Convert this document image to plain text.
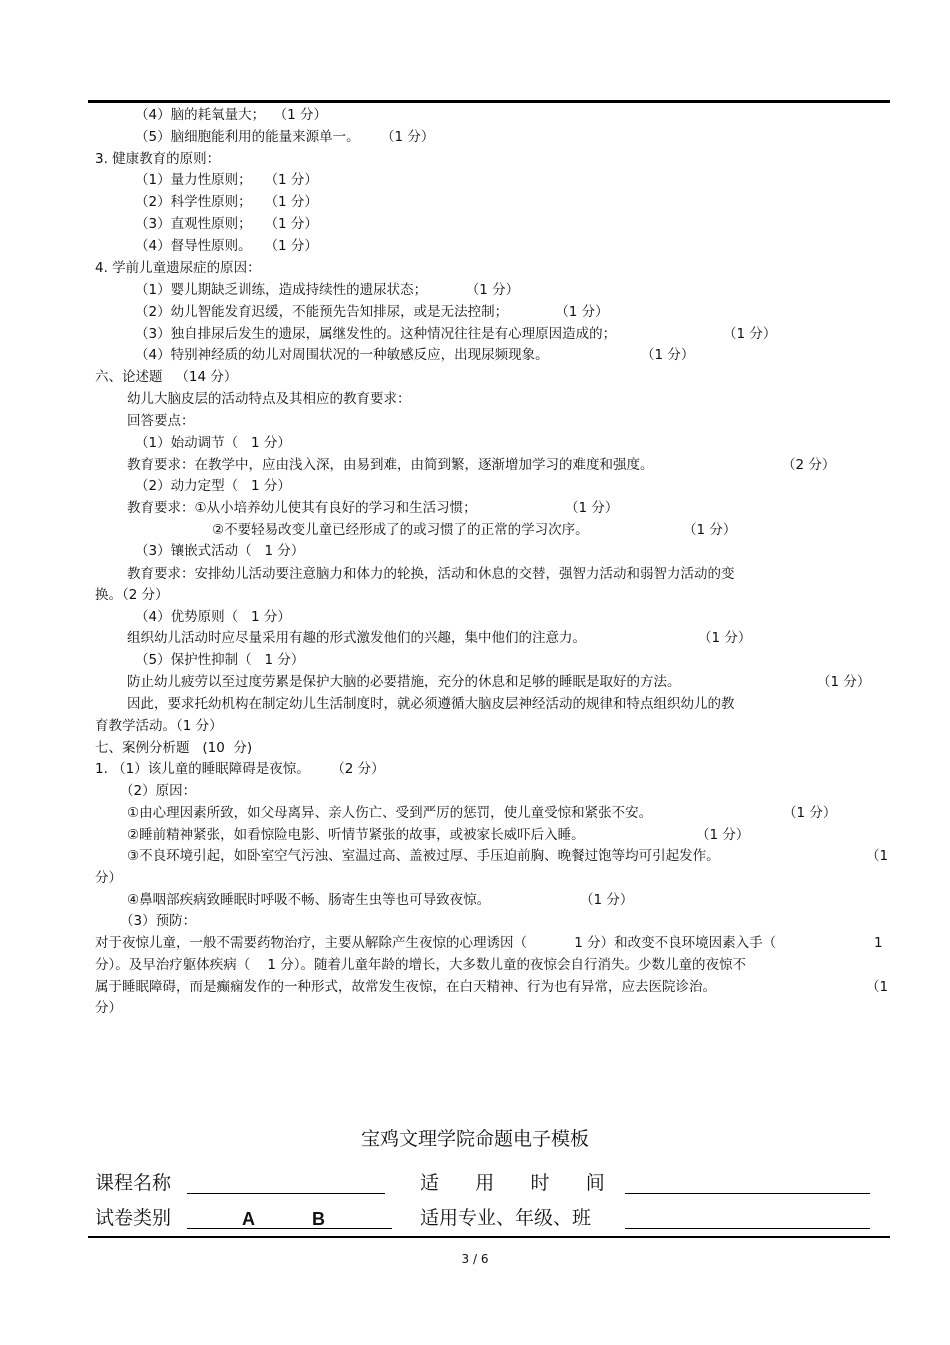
（4）脑的耗氧量大；  （1 分）
（5）脑细胞能利用的能量来源单一。     （1 分）
3. 健康教育的原则：
（1）量力性原则；   （1 分）
（2）科学性原则；   （1 分）
（3）直观性原则；   （1 分）
（4）督导性原则。   （1 分）
4. 学前儿童遗尿症的原因：
（1）婴儿期缺乏训练，造成持续性的遗尿状态；         （1 分）
（2）幼儿智能发育迟缓，不能预先告知排尿，或是无法控制；           （1 分）
（3）独自排尿后发生的遗尿，属继发性的。这种情况往往是有心理原因造成的；	（1 分）
（4）特别神经质的幼儿对周围状况的一种敏感反应，出现尿频现象。	（1 分）
六、论述题   （14 分）
幼儿大脑皮层的活动特点及其相应的教育要求：
回答要点：
（1）始动调节（   1 分）
教育要求：在教学中，应由浅入深，由易到难，由简到繁，逐渐增加学习的难度和强度。	（2 分）
（2）动力定型（   1 分）
教育要求：①从小培养幼儿使其有良好的学习和生活习惯；	（1 分）
②不要轻易改变儿童已经形成了的或习惯了的正常的学习次序。	（1 分）
（3）镶嵌式活动（   1 分）
教育要求：安排幼儿活动要注意脑力和体力的轮换，活动和休息的交替，强智力活动和弱智力活动的变
换。（2 分）
（4）优势原则（   1 分）
组织幼儿活动时应尽量采用有趣的形式激发他们的兴趣，集中他们的注意力。	（1 分）
（5）保护性抑制（   1 分）
防止幼儿疲劳以至过度劳累是保护大脑的必要措施，充分的休息和足够的睡眠是取好的方法。	（1 分）
因此，要求托幼机构在制定幼儿生活制度时，就必须遵循大脑皮层神经活动的规律和特点组织幼儿的教
育教学活动。（1 分）
七、案例分析题   (10  分)
1. （1）该儿童的睡眠障碍是夜惊。     （2 分）
（2）原因：
①由心理因素所致，如父母离异、亲人伤亡、受到严厉的惩罚，使儿童受惊和紧张不安。	（1 分）
②睡前精神紧张，如看惊险电影、听情节紧张的故事，或被家长威吓后入睡。	（1 分）
③不良环境引起，如卧室空气污浊、室温过高、盖被过厚、手压迫前胸、晚餐过饱等均可引起发作。	（1
分）
④鼻咽部疾病致睡眠时呼吸不畅、肠寄生虫等也可导致夜惊。	（1 分）
（3）预防：
对于夜惊儿童，一般不需要药物治疗，主要从解除产生夜惊的心理诱因（           1 分）和改变不良环境因素入手（	1
分）。及早治疗躯体疾病（    1 分）。随着儿童年龄的增长，大多数儿童的夜惊会自行消失。少数儿童的夜惊不
属于睡眠障碍，而是癫痫发作的一种形式，故常发生夜惊，在白天精神、行为也有异常，应去医院诊治。	（1
分）
宝鸡文理学院命题电子模板
课程名称	适      用      时      间
试卷类别	A	B	适用专业、年级、班
3 / 6
